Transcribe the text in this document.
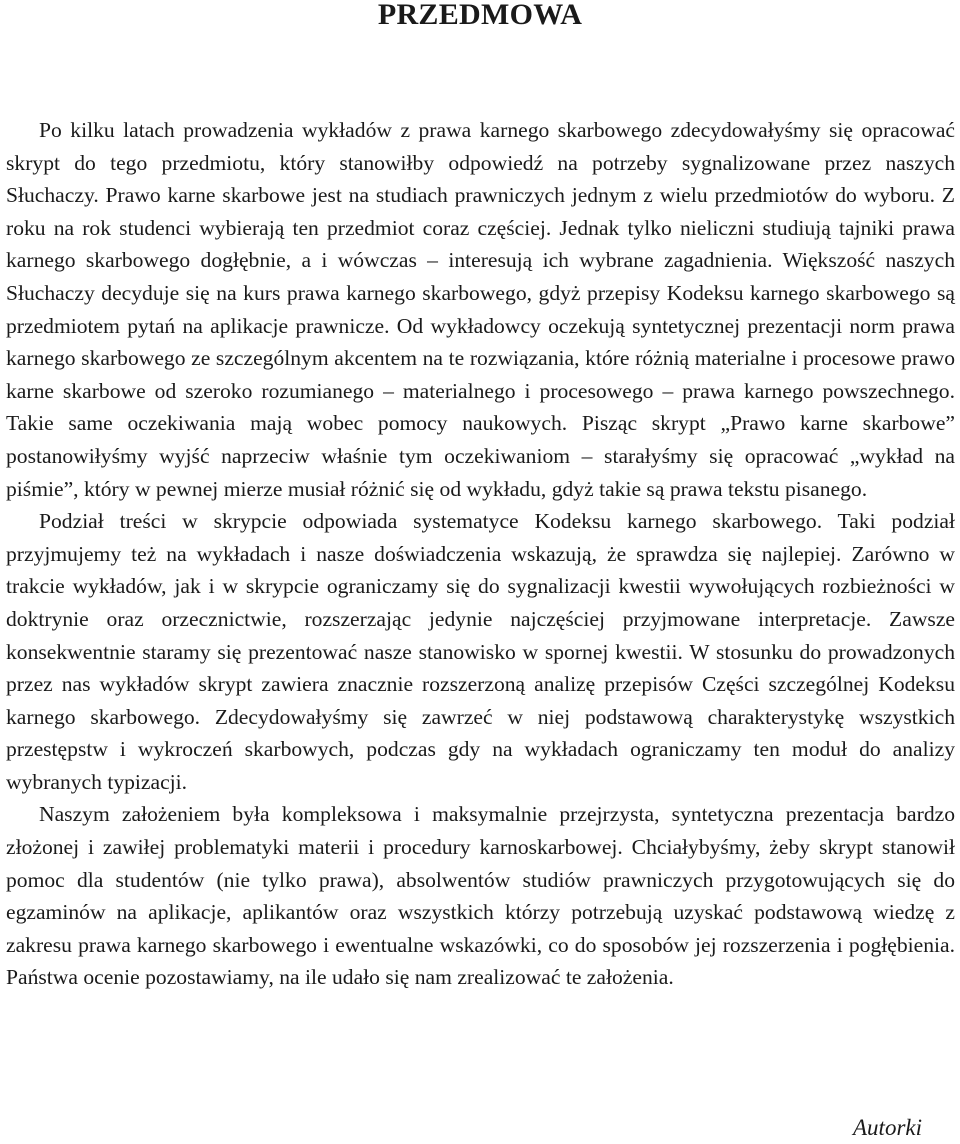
PRZEDMOWA

Po kilku latach prowadzenia wykładów z prawa karnego skarbowego zdecydowałyśmy się opracować skrypt do tego przedmiotu, który stanowiłby odpowiedź na potrzeby sygnalizowane przez naszych Słuchaczy. Prawo karne skarbowe jest na studiach prawniczych jednym z wielu przedmiotów do wyboru. Z roku na rok studenci wybierają ten przedmiot coraz częściej. Jednak tylko nieliczni studiują tajniki prawa karnego skarbowego dogłębnie, a i wówczas – interesują ich wybrane zagadnienia. Większość naszych Słuchaczy decyduje się na kurs prawa karnego skarbowego, gdyż przepisy Kodeksu karnego skarbowego są przedmiotem pytań na aplikacje prawnicze. Od wykładowcy oczekują syntetycznej prezentacji norm prawa karnego skarbowego ze szczególnym akcentem na te rozwiązania, które różnią materialne i procesowe prawo karne skarbowe od szeroko rozumianego – materialnego i procesowego – prawa karnego powszechnego. Takie same oczekiwania mają wobec pomocy naukowych. Pisząc skrypt „Prawo karne skarbowe” postanowiłyśmy wyjść naprzeciw właśnie tym oczekiwaniom – starałyśmy się opracować „wykład na piśmie”, który w pewnej mierze musiał różnić się od wykładu, gdyż takie są prawa tekstu pisanego.

Podział treści w skrypcie odpowiada systematyce Kodeksu karnego skarbowego. Taki podział przyjmujemy też na wykładach i nasze doświadczenia wskazują, że sprawdza się najlepiej. Zarówno w trakcie wykładów, jak i w skrypcie ograniczamy się do sygnalizacji kwestii wywołujących rozbieżności w doktrynie oraz orzecznictwie, rozszerzając jedynie najczęściej przyjmowane interpretacje. Zawsze konsekwentnie staramy się prezentować nasze stanowisko w spornej kwestii. W stosunku do prowadzonych przez nas wykładów skrypt zawiera znacznie rozszerzoną analizę przepisów Części szczególnej Kodeksu karnego skarbowego. Zdecydowałyśmy się zawrzeć w niej podstawową charakterystykę wszystkich przestępstw i wykroczeń skarbowych, podczas gdy na wykładach ograniczamy ten moduł do analizy wybranych typizacji.

Naszym założeniem była kompleksowa i maksymalnie przejrzysta, syntetyczna prezentacja bardzo złożonej i zawiłej problematyki materii i procedury karnoskarbowej. Chciałybyśmy, żeby skrypt stanowił pomoc dla studentów (nie tylko prawa), absolwentów studiów prawniczych przygotowujących się do egzaminów na aplikacje, aplikantów oraz wszystkich którzy potrzebują uzyskać podstawową wiedzę z zakresu prawa karnego skarbowego i ewentualne wskazówki, co do sposobów jej rozszerzenia i pogłębienia. Państwa ocenie pozostawiamy, na ile udało się nam zrealizować te założenia.

Autorki
